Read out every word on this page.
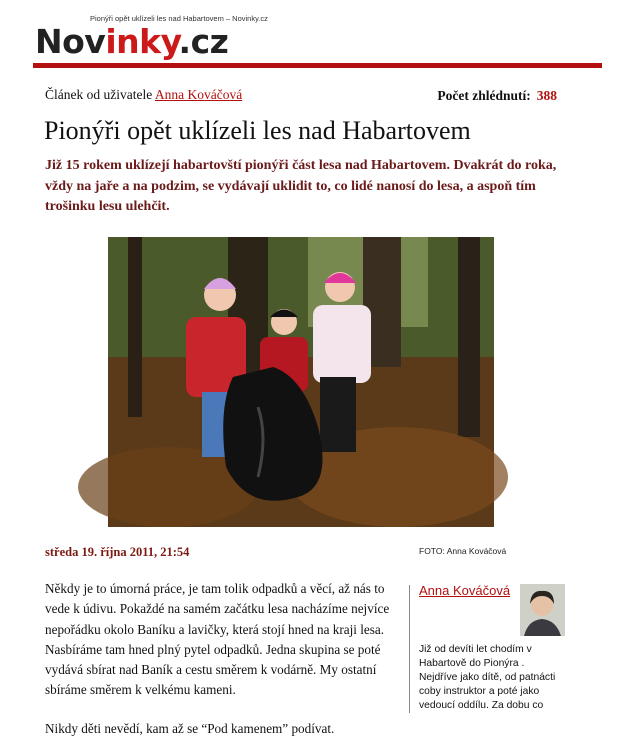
Pionýři opět uklízeli les nad Habartovem – Novinky.cz
Novinky.cz
Článek od uživatele Anna Kováčová	Počet zhlédnutí: 388
Pionýři opět uklízeli les nad Habartovem
Již 15 rokem uklízejí habartovští pionýři část lesa nad Habartovem. Dvakrát do roka, vždy na jaře a na podzim, se vydávají uklidit to, co lidé nanosí do lesa, a aspoň tím trošinku lesu ulehčit.
středa 19. října 2011, 21:54	FOTO: Anna Kováčová

Někdy je to úmorná práce, je tam tolik odpadků a věcí, až nás to vede k údivu. Pokaždé na samém začátku lesa nacházíme nejvíce nepořádku okolo Baníku a lavičky, která stojí hned na kraji lesa. Nasbíráme tam hned plný pytel odpadků. Jedna skupina se poté vydává sbírat nad Baník a cestu směrem k vodárně. My ostatní sbíráme směrem k velkému kameni.

Nikdy děti nevědí, kam až se “Pod kamenem” podívat.

Anna Kováčová
Již od devíti let chodím v Habartově do Pionýra . Nejdříve jako dítě, od patnácti coby instruktor a poté jako vedoucí oddílu. Za dobu co
